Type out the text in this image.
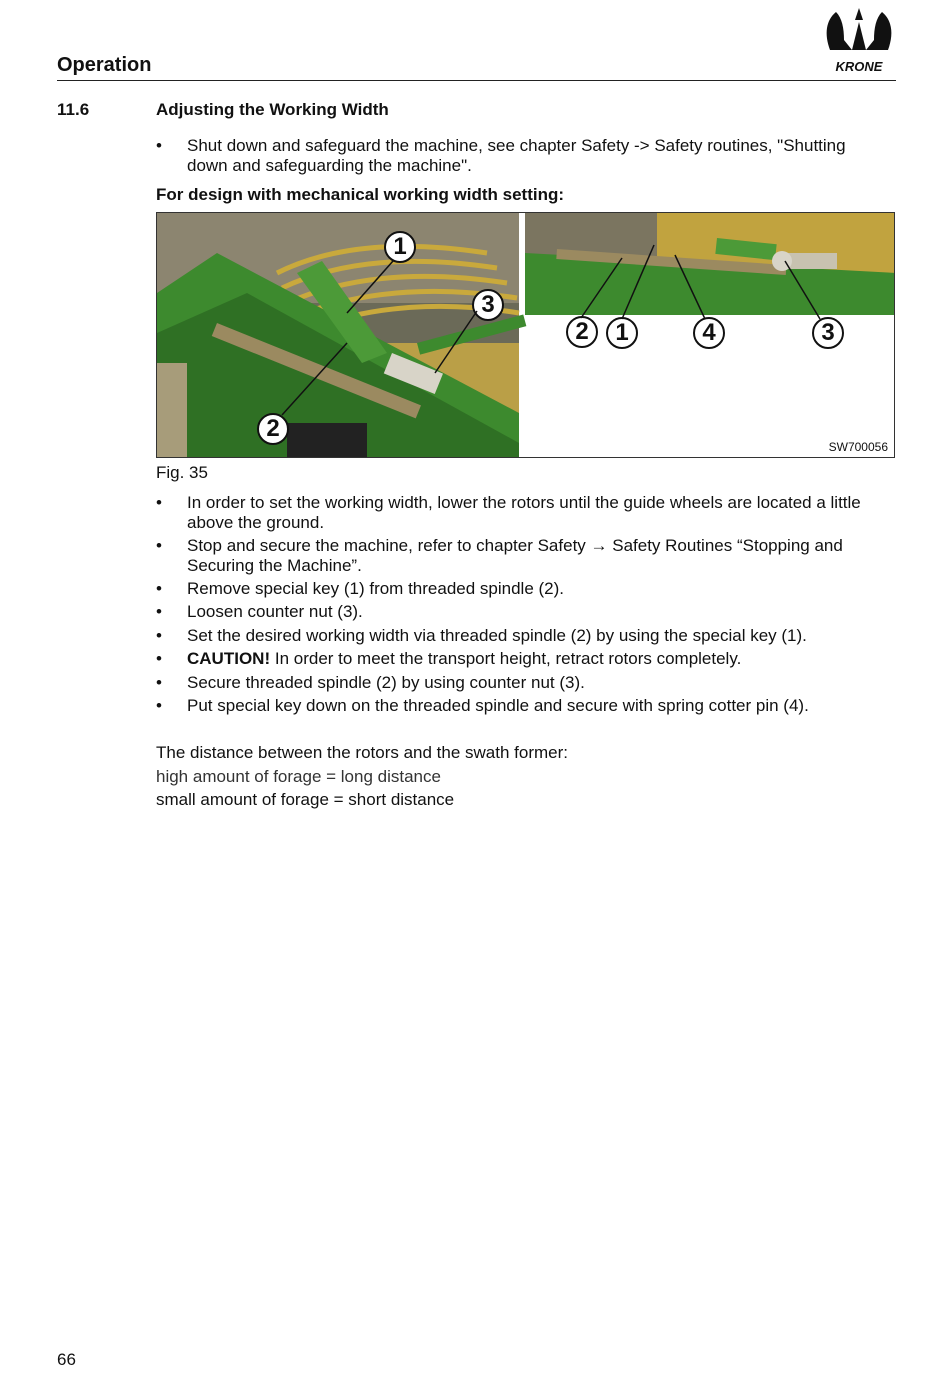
Operation	KRONE
11.6	Adjusting the Working Width
• Shut down and safeguard the machine, see chapter Safety -> Safety routines, "Shutting down and safeguarding the machine".
For design with mechanical working width setting:
1
3
2
2	1	4	3
SW700056
Fig. 35
• In order to set the working width, lower the rotors until the guide wheels are located a little above the ground.
• Stop and secure the machine, refer to chapter Safety → Safety Routines “Stopping and Securing the Machine”.
• Remove special key (1) from threaded spindle (2).
• Loosen counter nut (3).
• Set the desired working width via threaded spindle (2) by using the special key (1).
• CAUTION! In order to meet the transport height, retract rotors completely.
• Secure threaded spindle (2) by using counter nut (3).
• Put special key down on the threaded spindle and secure with spring cotter pin (4).
The distance between the rotors and the swath former:
high amount of forage = long distance
small amount of forage = short distance
66
